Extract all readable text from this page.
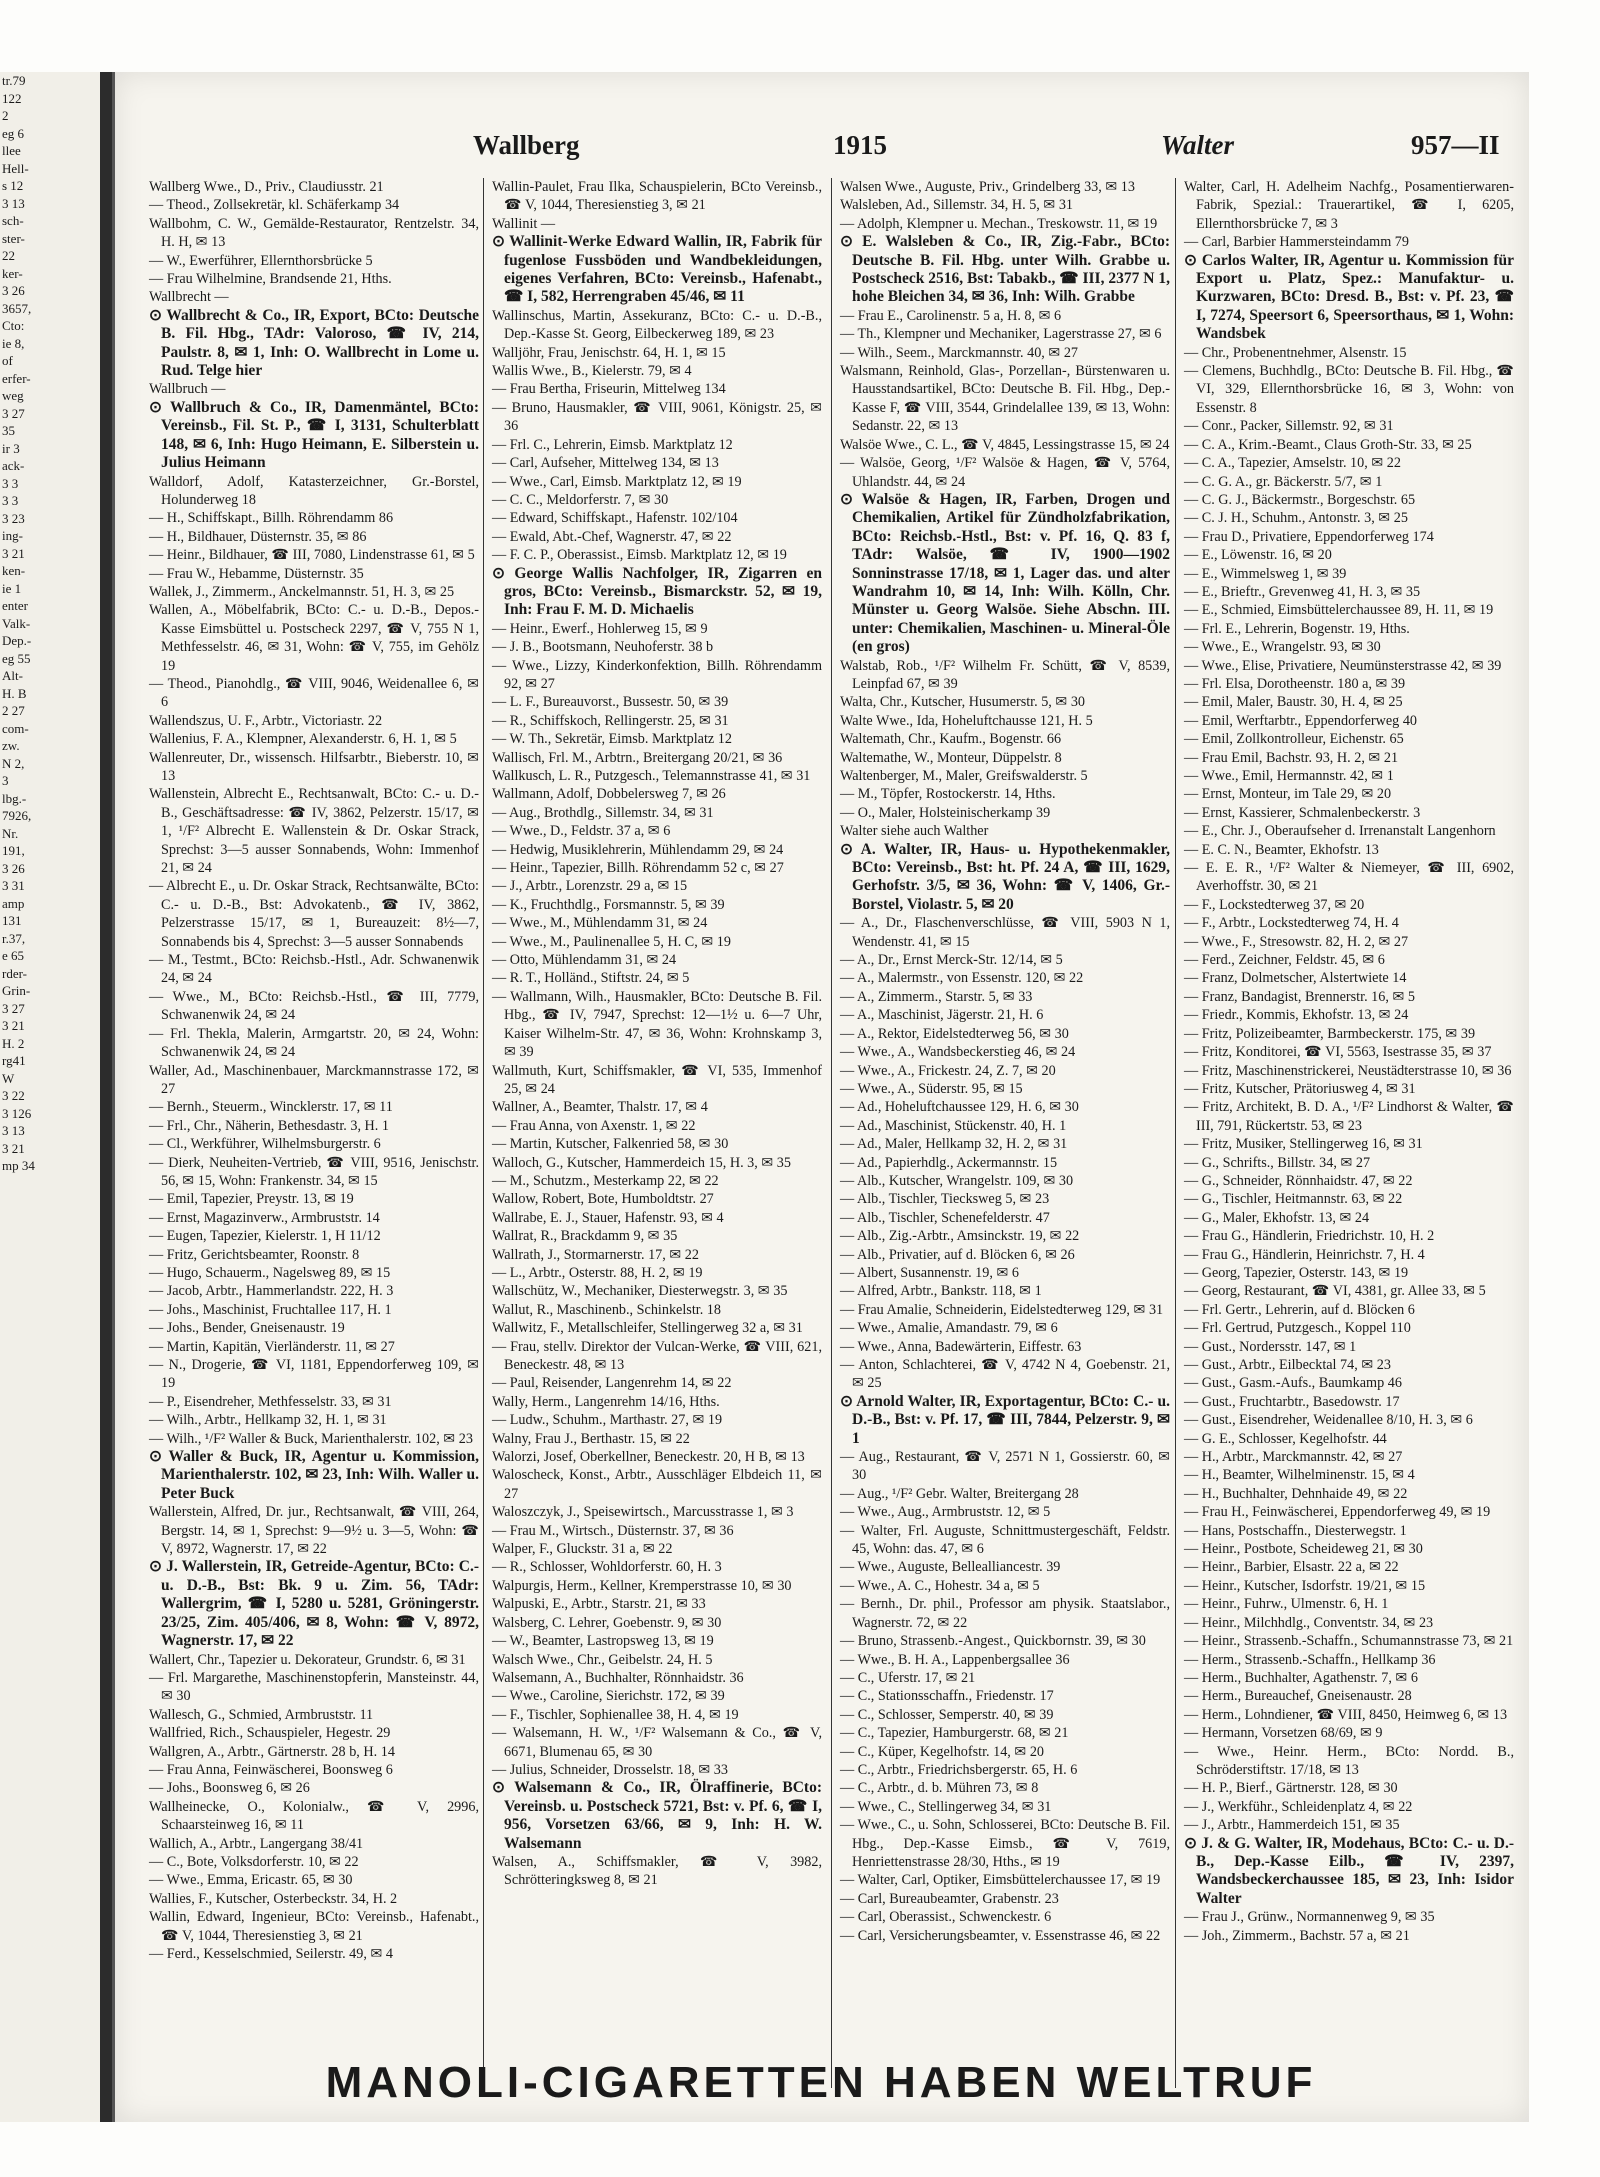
tr.79
122
2
eg 6
llee
Hell-
s 12
3 13
sch-
ster-
22
ker-
3 26
3657,
Cto:
ie 8,
of
erfer-
weg
3 27
35
ir 3
ack-
3 3
3 3
3 23
ing-
3 21
ken-
ie 1
enter
Valk-
Dep.-
eg 55
Alt-
H. B
2 27
com-
zw.
N 2,
3
lbg.-
7926,
Nr.
191,
3 26
3 31
amp
131
r.37,
e 65
rder-
Grin-
3 27
3 21
H. 2
rg41
W
3 22
3 126
3 13
3 21
mp 34
Wallberg	1915	Walter	957—II
Wallberg Wwe., D., Priv., Claudiusstr. 21
— Theod., Zollsekretär, kl. Schäferkamp 34
Wallbohm, C. W., Gemälde-Restaurator, Rentzelstr. 34, H. H, ✉ 13
— W., Ewerführer, Ellernthorsbrücke 5
— Frau Wilhelmine, Brandsende 21, Hths.
Wallbrecht —
⊙ Wallbrecht & Co., IR, Export, BCto: Deutsche B. Fil. Hbg., TAdr: Valoroso, ☎ IV, 214, Paulstr. 8, ✉ 1, Inh: O. Wallbrecht in Lome u. Rud. Telge hier
Wallbruch —
⊙ Wallbruch & Co., IR, Damenmäntel, BCto: Vereinsb., Fil. St. P., ☎ I, 3131, Schulterblatt 148, ✉ 6, Inh: Hugo Heimann, E. Silberstein u. Julius Heimann
Walldorf, Adolf, Katasterzeichner, Gr.-Borstel, Holunderweg 18
— H., Schiffskapt., Billh. Röhrendamm 86
— H., Bildhauer, Düsternstr. 35, ✉ 86
— Heinr., Bildhauer, ☎ III, 7080, Lindenstrasse 61, ✉ 5
— Frau W., Hebamme, Düsternstr. 35
Wallek, J., Zimmerm., Anckelmannstr. 51, H. 3, ✉ 25
Wallen, A., Möbelfabrik, BCto: C.- u. D.-B., Depos.-Kasse Eimsbüttel u. Postscheck 2297, ☎ V, 755 N 1, Methfesselstr. 46, ✉ 31, Wohn: ☎ V, 755, im Gehölz 19
— Theod., Pianohdlg., ☎ VIII, 9046, Weidenallee 6, ✉ 6
Wallendszus, U. F., Arbtr., Victoriastr. 22
Wallenius, F. A., Klempner, Alexanderstr. 6, H. 1, ✉ 5
Wallenreuter, Dr., wissensch. Hilfsarbtr., Bieberstr. 10, ✉ 13
Wallenstein, Albrecht E., Rechtsanwalt, BCto: C.- u. D.-B., Geschäftsadresse: ☎ IV, 3862, Pelzerstr. 15/17, ✉ 1, ¹/F² Albrecht E. Wallenstein & Dr. Oskar Strack, Sprechst: 3—5 ausser Sonnabends, Wohn: Immenhof 21, ✉ 24
— Albrecht E., u. Dr. Oskar Strack, Rechtsanwälte, BCto: C.- u. D.-B., Bst: Advokatenb., ☎ IV, 3862, Pelzerstrasse 15/17, ✉ 1, Bureauzeit: 8½—7, Sonnabends bis 4, Sprechst: 3—5 ausser Sonnabends
— M., Testmt., BCto: Reichsb.-Hstl., Adr. Schwanenwik 24, ✉ 24
— Wwe., M., BCto: Reichsb.-Hstl., ☎ III, 7779, Schwanenwik 24, ✉ 24
— Frl. Thekla, Malerin, Armgartstr. 20, ✉ 24, Wohn: Schwanenwik 24, ✉ 24
Waller, Ad., Maschinenbauer, Marckmannstrasse 172, ✉ 27
— Bernh., Steuerm., Wincklerstr. 17, ✉ 11
— Frl., Chr., Näherin, Bethesdastr. 3, H. 1
— Cl., Werkführer, Wilhelmsburgerstr. 6
— Dierk, Neuheiten-Vertrieb, ☎ VIII, 9516, Jenischstr. 56, ✉ 15, Wohn: Frankenstr. 34, ✉ 15
— Emil, Tapezier, Preystr. 13, ✉ 19
— Ernst, Magazinverw., Armbruststr. 14
— Eugen, Tapezier, Kielerstr. 1, H 11/12
— Fritz, Gerichtsbeamter, Roonstr. 8
— Hugo, Schauerm., Nagelsweg 89, ✉ 15
— Jacob, Arbtr., Hammerlandstr. 222, H. 3
— Johs., Maschinist, Fruchtallee 117, H. 1
— Johs., Bender, Gneisenaustr. 19
— Martin, Kapitän, Vierländerstr. 11, ✉ 27
— N., Drogerie, ☎ VI, 1181, Eppendorferweg 109, ✉ 19
— P., Eisendreher, Methfesselstr. 33, ✉ 31
— Wilh., Arbtr., Hellkamp 32, H. 1, ✉ 31
— Wilh., ¹/F² Waller & Buck, Marienthalerstr. 102, ✉ 23
⊙ Waller & Buck, IR, Agentur u. Kommission, Marienthalerstr. 102, ✉ 23, Inh: Wilh. Waller u. Peter Buck
Wallerstein, Alfred, Dr. jur., Rechtsanwalt, ☎ VIII, 264, Bergstr. 14, ✉ 1, Sprechst: 9—9½ u. 3—5, Wohn: ☎ V, 8972, Wagnerstr. 17, ✉ 22
⊙ J. Wallerstein, IR, Getreide-Agentur, BCto: C.- u. D.-B., Bst: Bk. 9 u. Zim. 56, TAdr: Wallergrim, ☎ I, 5280 u. 5281, Gröningerstr. 23/25, Zim. 405/406, ✉ 8, Wohn: ☎ V, 8972, Wagnerstr. 17, ✉ 22
Wallert, Chr., Tapezier u. Dekorateur, Grundstr. 6, ✉ 31
— Frl. Margarethe, Maschinenstopferin, Mansteinstr. 44, ✉ 30
Wallesch, G., Schmied, Armbruststr. 11
Wallfried, Rich., Schauspieler, Hegestr. 29
Wallgren, A., Arbtr., Gärtnerstr. 28 b, H. 14
— Frau Anna, Feinwäscherei, Boonsweg 6
— Johs., Boonsweg 6, ✉ 26
Wallheinecke, O., Kolonialw., ☎ V, 2996, Schaarsteinweg 16, ✉ 11
Wallich, A., Arbtr., Langergang 38/41
— C., Bote, Volksdorferstr. 10, ✉ 22
— Wwe., Emma, Ericastr. 65, ✉ 30
Wallies, F., Kutscher, Osterbeckstr. 34, H. 2
Wallin, Edward, Ingenieur, BCto: Vereinsb., Hafenabt., ☎ V, 1044, Theresienstieg 3, ✉ 21
— Ferd., Kesselschmied, Seilerstr. 49, ✉ 4
Wallin-Paulet, Frau Ilka, Schauspielerin, BCto Vereinsb., ☎ V, 1044, Theresienstieg 3, ✉ 21
Wallinit —
⊙ Wallinit-Werke Edward Wallin, IR, Fabrik für fugenlose Fussböden und Wandbekleidungen, eigenes Verfahren, BCto: Vereinsb., Hafenabt., ☎ I, 582, Herrengraben 45/46, ✉ 11
Wallinschus, Martin, Assekuranz, BCto: C.- u. D.-B., Dep.-Kasse St. Georg, Eilbeckerweg 189, ✉ 23
Walljöhr, Frau, Jenischstr. 64, H. 1, ✉ 15
Wallis Wwe., B., Kielerstr. 79, ✉ 4
— Frau Bertha, Friseurin, Mittelweg 134
— Bruno, Hausmakler, ☎ VIII, 9061, Königstr. 25, ✉ 36
— Frl. C., Lehrerin, Eimsb. Marktplatz 12
— Carl, Aufseher, Mittelweg 134, ✉ 13
— Wwe., Carl, Eimsb. Marktplatz 12, ✉ 19
— C. C., Meldorferstr. 7, ✉ 30
— Edward, Schiffskapt., Hafenstr. 102/104
— Ewald, Abt.-Chef, Wagnerstr. 47, ✉ 22
— F. C. P., Oberassist., Eimsb. Marktplatz 12, ✉ 19
⊙ George Wallis Nachfolger, IR, Zigarren en gros, BCto: Vereinsb., Bismarckstr. 52, ✉ 19, Inh: Frau F. M. D. Michaelis
— Heinr., Ewerf., Hohlerweg 15, ✉ 9
— J. B., Bootsmann, Neuhoferstr. 38 b
— Wwe., Lizzy, Kinderkonfektion, Billh. Röhrendamm 92, ✉ 27
— L. F., Bureauvorst., Bussestr. 50, ✉ 39
— R., Schiffskoch, Rellingerstr. 25, ✉ 31
— W. Th., Sekretär, Eimsb. Marktplatz 12
Wallisch, Frl. M., Arbtrn., Breitergang 20/21, ✉ 36
Wallkusch, L. R., Putzgesch., Telemannstrasse 41, ✉ 31
Wallmann, Adolf, Dobbelersweg 7, ✉ 26
— Aug., Brothdlg., Sillemstr. 34, ✉ 31
— Wwe., D., Feldstr. 37 a, ✉ 6
— Hedwig, Musiklehrerin, Mühlendamm 29, ✉ 24
— Heinr., Tapezier, Billh. Röhrendamm 52 c, ✉ 27
— J., Arbtr., Lorenzstr. 29 a, ✉ 15
— K., Fruchthdlg., Forsmannstr. 5, ✉ 39
— Wwe., M., Mühlendamm 31, ✉ 24
— Wwe., M., Paulinenallee 5, H. C, ✉ 19
— Otto, Mühlendamm 31, ✉ 24
— R. T., Holländ., Stiftstr. 24, ✉ 5
— Wallmann, Wilh., Hausmakler, BCto: Deutsche B. Fil. Hbg., ☎ IV, 7947, Sprechst: 12—1½ u. 6—7 Uhr, Kaiser Wilhelm-Str. 47, ✉ 36, Wohn: Krohnskamp 3, ✉ 39
Wallmuth, Kurt, Schiffsmakler, ☎ VI, 535, Immenhof 25, ✉ 24
Wallner, A., Beamter, Thalstr. 17, ✉ 4
— Frau Anna, von Axenstr. 1, ✉ 22
— Martin, Kutscher, Falkenried 58, ✉ 30
Walloch, G., Kutscher, Hammerdeich 15, H. 3, ✉ 35
— M., Schutzm., Mesterkamp 22, ✉ 22
Wallow, Robert, Bote, Humboldtstr. 27
Wallrabe, E. J., Stauer, Hafenstr. 93, ✉ 4
Wallrat, R., Brackdamm 9, ✉ 35
Wallrath, J., Stormarnerstr. 17, ✉ 22
— L., Arbtr., Osterstr. 88, H. 2, ✉ 19
Wallschütz, W., Mechaniker, Diesterwegstr. 3, ✉ 35
Wallut, R., Maschinenb., Schinkelstr. 18
Wallwitz, F., Metallschleifer, Stellingerweg 32 a, ✉ 31
— Frau, stellv. Direktor der Vulcan-Werke, ☎ VIII, 621, Beneckestr. 48, ✉ 13
— Paul, Reisender, Langenrehm 14, ✉ 22
Wally, Herm., Langenrehm 14/16, Hths.
— Ludw., Schuhm., Marthastr. 27, ✉ 19
Walny, Frau J., Berthastr. 15, ✉ 22
Walorzi, Josef, Oberkellner, Beneckestr. 20, H B, ✉ 13
Waloscheck, Konst., Arbtr., Ausschläger Elbdeich 11, ✉ 27
Waloszczyk, J., Speisewirtsch., Marcusstrasse 1, ✉ 3
— Frau M., Wirtsch., Düsternstr. 37, ✉ 36
Walper, F., Gluckstr. 31 a, ✉ 22
— R., Schlosser, Wohldorferstr. 60, H. 3
Walpurgis, Herm., Kellner, Kremperstrasse 10, ✉ 30
Walpuski, E., Arbtr., Starstr. 21, ✉ 33
Walsberg, C. Lehrer, Goebenstr. 9, ✉ 30
— W., Beamter, Lastropsweg 13, ✉ 19
Walsch Wwe., Chr., Geibelstr. 24, H. 5
Walsemann, A., Buchhalter, Rönnhaidstr. 36
— Wwe., Caroline, Sierichstr. 172, ✉ 39
— F., Tischler, Sophienallee 38, H. 4, ✉ 19
— Walsemann, H. W., ¹/F² Walsemann & Co., ☎ V, 6671, Blumenau 65, ✉ 30
— Julius, Schneider, Drosselstr. 18, ✉ 33
⊙ Walsemann & Co., IR, Ölraffinerie, BCto: Vereinsb. u. Postscheck 5721, Bst: v. Pf. 6, ☎ I, 956, Vorsetzen 63/66, ✉ 9, Inh: H. W. Walsemann
Walsen, A., Schiffsmakler, ☎ V, 3982, Schrötteringksweg 8, ✉ 21
Walsen Wwe., Auguste, Priv., Grindelberg 33, ✉ 13
Walsleben, Ad., Sillemstr. 34, H. 5, ✉ 31
— Adolph, Klempner u. Mechan., Treskowstr. 11, ✉ 19
⊙ E. Walsleben & Co., IR, Zig.-Fabr., BCto: Deutsche B. Fil. Hbg. unter Wilh. Grabbe u. Postscheck 2516, Bst: Tabakb., ☎ III, 2377 N 1, hohe Bleichen 34, ✉ 36, Inh: Wilh. Grabbe
— Frau E., Carolinenstr. 5 a, H. 8, ✉ 6
— Th., Klempner und Mechaniker, Lagerstrasse 27, ✉ 6
— Wilh., Seem., Marckmannstr. 40, ✉ 27
Walsmann, Reinhold, Glas-, Porzellan-, Bürstenwaren u. Hausstandsartikel, BCto: Deutsche B. Fil. Hbg., Dep.-Kasse F, ☎ VIII, 3544, Grindelallee 139, ✉ 13, Wohn: Sedanstr. 22, ✉ 13
Walsöe Wwe., C. L., ☎ V, 4845, Lessingstrasse 15, ✉ 24
— Walsöe, Georg, ¹/F² Walsöe & Hagen, ☎ V, 5764, Uhlandstr. 44, ✉ 24
⊙ Walsöe & Hagen, IR, Farben, Drogen und Chemikalien, Artikel für Zündholzfabrikation, BCto: Reichsb.-Hstl., Bst: v. Pf. 16, Q. 83 f, TAdr: Walsöe, ☎ IV, 1900—1902 Sonninstrasse 17/18, ✉ 1, Lager das. und alter Wandrahm 10, ✉ 14, Inh: Wilh. Kölln, Chr. Münster u. Georg Walsöe. Siehe Abschn. III. unter: Chemikalien, Maschinen- u. Mineral-Öle (en gros)
Walstab, Rob., ¹/F² Wilhelm Fr. Schütt, ☎ V, 8539, Leinpfad 67, ✉ 39
Walta, Chr., Kutscher, Husumerstr. 5, ✉ 30
Walte Wwe., Ida, Hoheluftchausse 121, H. 5
Waltemath, Chr., Kaufm., Bogenstr. 66
Waltemathe, W., Monteur, Düppelstr. 8
Waltenberger, M., Maler, Greifswalderstr. 5
— M., Töpfer, Rostockerstr. 14, Hths.
— O., Maler, Holsteinischerkamp 39
Walter siehe auch Walther
⊙ A. Walter, IR, Haus- u. Hypothekenmakler, BCto: Vereinsb., Bst: ht. Pf. 24 A, ☎ III, 1629, Gerhofstr. 3/5, ✉ 36, Wohn: ☎ V, 1406, Gr.-Borstel, Violastr. 5, ✉ 20
— A., Dr., Flaschenverschlüsse, ☎ VIII, 5903 N 1, Wendenstr. 41, ✉ 15
— A., Dr., Ernst Merck-Str. 12/14, ✉ 5
— A., Malermstr., von Essenstr. 120, ✉ 22
— A., Zimmerm., Starstr. 5, ✉ 33
— A., Maschinist, Jägerstr. 21, H. 6
— A., Rektor, Eidelstedterweg 56, ✉ 30
— Wwe., A., Wandsbeckerstieg 46, ✉ 24
— Wwe., A., Frickestr. 24, Z. 7, ✉ 20
— Wwe., A., Süderstr. 95, ✉ 15
— Ad., Hoheluftchaussee 129, H. 6, ✉ 30
— Ad., Maschinist, Stückenstr. 40, H. 1
— Ad., Maler, Hellkamp 32, H. 2, ✉ 31
— Ad., Papierhdlg., Ackermannstr. 15
— Alb., Kutscher, Wrangelstr. 109, ✉ 30
— Alb., Tischler, Tiecksweg 5, ✉ 23
— Alb., Tischler, Schenefelderstr. 47
— Alb., Zig.-Arbtr., Amsinckstr. 19, ✉ 22
— Alb., Privatier, auf d. Blöcken 6, ✉ 26
— Albert, Susannenstr. 19, ✉ 6
— Alfred, Arbtr., Bankstr. 118, ✉ 1
— Frau Amalie, Schneiderin, Eidelstedterweg 129, ✉ 31
— Wwe., Amalie, Amandastr. 79, ✉ 6
— Wwe., Anna, Badewärterin, Eiffestr. 63
— Anton, Schlachterei, ☎ V, 4742 N 4, Goebenstr. 21, ✉ 25
⊙ Arnold Walter, IR, Exportagentur, BCto: C.- u. D.-B., Bst: v. Pf. 17, ☎ III, 7844, Pelzerstr. 9, ✉ 1
— Aug., Restaurant, ☎ V, 2571 N 1, Gossierstr. 60, ✉ 30
— Aug., ¹/F² Gebr. Walter, Breitergang 28
— Wwe., Aug., Armbruststr. 12, ✉ 5
— Walter, Frl. Auguste, Schnittmustergeschäft, Feldstr. 45, Wohn: das. 47, ✉ 6
— Wwe., Auguste, Bellealliancestr. 39
— Wwe., A. C., Hohestr. 34 a, ✉ 5
— Bernh., Dr. phil., Professor am physik. Staatslabor., Wagnerstr. 72, ✉ 22
— Bruno, Strassenb.-Angest., Quickbornstr. 39, ✉ 30
— Wwe., B. H. A., Lappenbergsallee 36
— C., Uferstr. 17, ✉ 21
— C., Stationsschaffn., Friedenstr. 17
— C., Schlosser, Semperstr. 40, ✉ 39
— C., Tapezier, Hamburgerstr. 68, ✉ 21
— C., Küper, Kegelhofstr. 14, ✉ 20
— C., Arbtr., Friedrichsbergerstr. 65, H. 6
— C., Arbtr., d. b. Mühren 73, ✉ 8
— Wwe., C., Stellingerweg 34, ✉ 31
— Wwe., C., u. Sohn, Schlosserei, BCto: Deutsche B. Fil. Hbg., Dep.-Kasse Eimsb., ☎ V, 7619, Henriettenstrasse 28/30, Hths., ✉ 19
— Walter, Carl, Optiker, Eimsbüttelerchaussee 17, ✉ 19
— Carl, Bureaubeamter, Grabenstr. 23
— Carl, Oberassist., Schwenckestr. 6
— Carl, Versicherungsbeamter, v. Essenstrasse 46, ✉ 22
Walter, Carl, H. Adelheim Nachfg., Posamentierwaren-Fabrik, Spezial.: Trauerartikel, ☎ I, 6205, Ellernthorsbrücke 7, ✉ 3
— Carl, Barbier Hammersteindamm 79
⊙ Carlos Walter, IR, Agentur u. Kommission für Export u. Platz, Spez.: Manufaktur- u. Kurzwaren, BCto: Dresd. B., Bst: v. Pf. 23, ☎ I, 7274, Speersort 6, Speersorthaus, ✉ 1, Wohn: Wandsbek
— Chr., Probenentnehmer, Alsenstr. 15
— Clemens, Buchhdlg., BCto: Deutsche B. Fil. Hbg., ☎ VI, 329, Ellernthorsbrücke 16, ✉ 3, Wohn: von Essenstr. 8
— Conr., Packer, Sillemstr. 92, ✉ 31
— C. A., Krim.-Beamt., Claus Groth-Str. 33, ✉ 25
— C. A., Tapezier, Amselstr. 10, ✉ 22
— C. G. A., gr. Bäckerstr. 5/7, ✉ 1
— C. G. J., Bäckermstr., Borgeschstr. 65
— C. J. H., Schuhm., Antonstr. 3, ✉ 25
— Frau D., Privatiere, Eppendorferweg 174
— E., Löwenstr. 16, ✉ 20
— E., Wimmelsweg 1, ✉ 39
— E., Brieftr., Grevenweg 41, H. 3, ✉ 35
— E., Schmied, Eimsbüttelerchaussee 89, H. 11, ✉ 19
— Frl. E., Lehrerin, Bogenstr. 19, Hths.
— Wwe., E., Wrangelstr. 93, ✉ 30
— Wwe., Elise, Privatiere, Neumünsterstrasse 42, ✉ 39
— Frl. Elsa, Dorotheenstr. 180 a, ✉ 39
— Emil, Maler, Baustr. 30, H. 4, ✉ 25
— Emil, Werftarbtr., Eppendorferweg 40
— Emil, Zollkontrolleur, Eichenstr. 65
— Frau Emil, Bachstr. 93, H. 2, ✉ 21
— Wwe., Emil, Hermannstr. 42, ✉ 1
— Ernst, Monteur, im Tale 29, ✉ 20
— Ernst, Kassierer, Schmalenbeckerstr. 3
— E., Chr. J., Oberaufseher d. Irrenanstalt Langenhorn
— E. C. N., Beamter, Ekhofstr. 13
— E. E. R., ¹/F² Walter & Niemeyer, ☎ III, 6902, Averhoffstr. 30, ✉ 21
— F., Lockstedterweg 37, ✉ 20
— F., Arbtr., Lockstedterweg 74, H. 4
— Wwe., F., Stresowstr. 82, H. 2, ✉ 27
— Ferd., Zeichner, Feldstr. 45, ✉ 6
— Franz, Dolmetscher, Alstertwiete 14
— Franz, Bandagist, Brennerstr. 16, ✉ 5
— Friedr., Kommis, Ekhofstr. 13, ✉ 24
— Fritz, Polizeibeamter, Barmbeckerstr. 175, ✉ 39
— Fritz, Konditorei, ☎ VI, 5563, Isestrasse 35, ✉ 37
— Fritz, Maschinenstrickerei, Neustädterstrasse 10, ✉ 36
— Fritz, Kutscher, Prätoriusweg 4, ✉ 31
— Fritz, Architekt, B. D. A., ¹/F² Lindhorst & Walter, ☎ III, 791, Rückertstr. 53, ✉ 23
— Fritz, Musiker, Stellingerweg 16, ✉ 31
— G., Schrifts., Billstr. 34, ✉ 27
— G., Schneider, Rönnhaidstr. 47, ✉ 22
— G., Tischler, Heitmannstr. 63, ✉ 22
— G., Maler, Ekhofstr. 13, ✉ 24
— Frau G., Händlerin, Friedrichstr. 10, H. 2
— Frau G., Händlerin, Heinrichstr. 7, H. 4
— Georg, Tapezier, Osterstr. 143, ✉ 19
— Georg, Restaurant, ☎ VI, 4381, gr. Allee 33, ✉ 5
— Frl. Gertr., Lehrerin, auf d. Blöcken 6
— Frl. Gertrud, Putzgesch., Koppel 110
— Gust., Nordersstr. 147, ✉ 1
— Gust., Arbtr., Eilbecktal 74, ✉ 23
— Gust., Gasm.-Aufs., Baumkamp 46
— Gust., Fruchtarbtr., Basedowstr. 17
— Gust., Eisendreher, Weidenallee 8/10, H. 3, ✉ 6
— G. E., Schlosser, Kegelhofstr. 44
— H., Arbtr., Marckmannstr. 42, ✉ 27
— H., Beamter, Wilhelminenstr. 15, ✉ 4
— H., Buchhalter, Dehnhaide 49, ✉ 22
— Frau H., Feinwäscherei, Eppendorferweg 49, ✉ 19
— Hans, Postschaffn., Diesterwegstr. 1
— Heinr., Postbote, Scheideweg 21, ✉ 30
— Heinr., Barbier, Elsastr. 22 a, ✉ 22
— Heinr., Kutscher, Isdorfstr. 19/21, ✉ 15
— Heinr., Fuhrw., Ulmenstr. 6, H. 1
— Heinr., Milchhdlg., Conventstr. 34, ✉ 23
— Heinr., Strassenb.-Schaffn., Schumannstrasse 73, ✉ 21
— Herm., Strassenb.-Schaffn., Hellkamp 36
— Herm., Buchhalter, Agathenstr. 7, ✉ 6
— Herm., Bureauchef, Gneisenaustr. 28
— Herm., Lohndiener, ☎ VIII, 8450, Heimweg 6, ✉ 13
— Hermann, Vorsetzen 68/69, ✉ 9
— Wwe., Heinr. Herm., BCto: Nordd. B., Schröderstiftstr. 17/18, ✉ 13
— H. P., Bierf., Gärtnerstr. 128, ✉ 30
— J., Werkführ., Schleidenplatz 4, ✉ 22
— J., Arbtr., Hammerdeich 151, ✉ 35
⊙ J. & G. Walter, IR, Modehaus, BCto: C.- u. D.-B., Dep.-Kasse Eilb., ☎ IV, 2397, Wandsbeckerchaussee 185, ✉ 23, Inh: Isidor Walter
— Frau J., Grünw., Normannenweg 9, ✉ 35
— Joh., Zimmerm., Bachstr. 57 a, ✉ 21
MANOLI-CIGARETTEN HABEN WELTRUF
